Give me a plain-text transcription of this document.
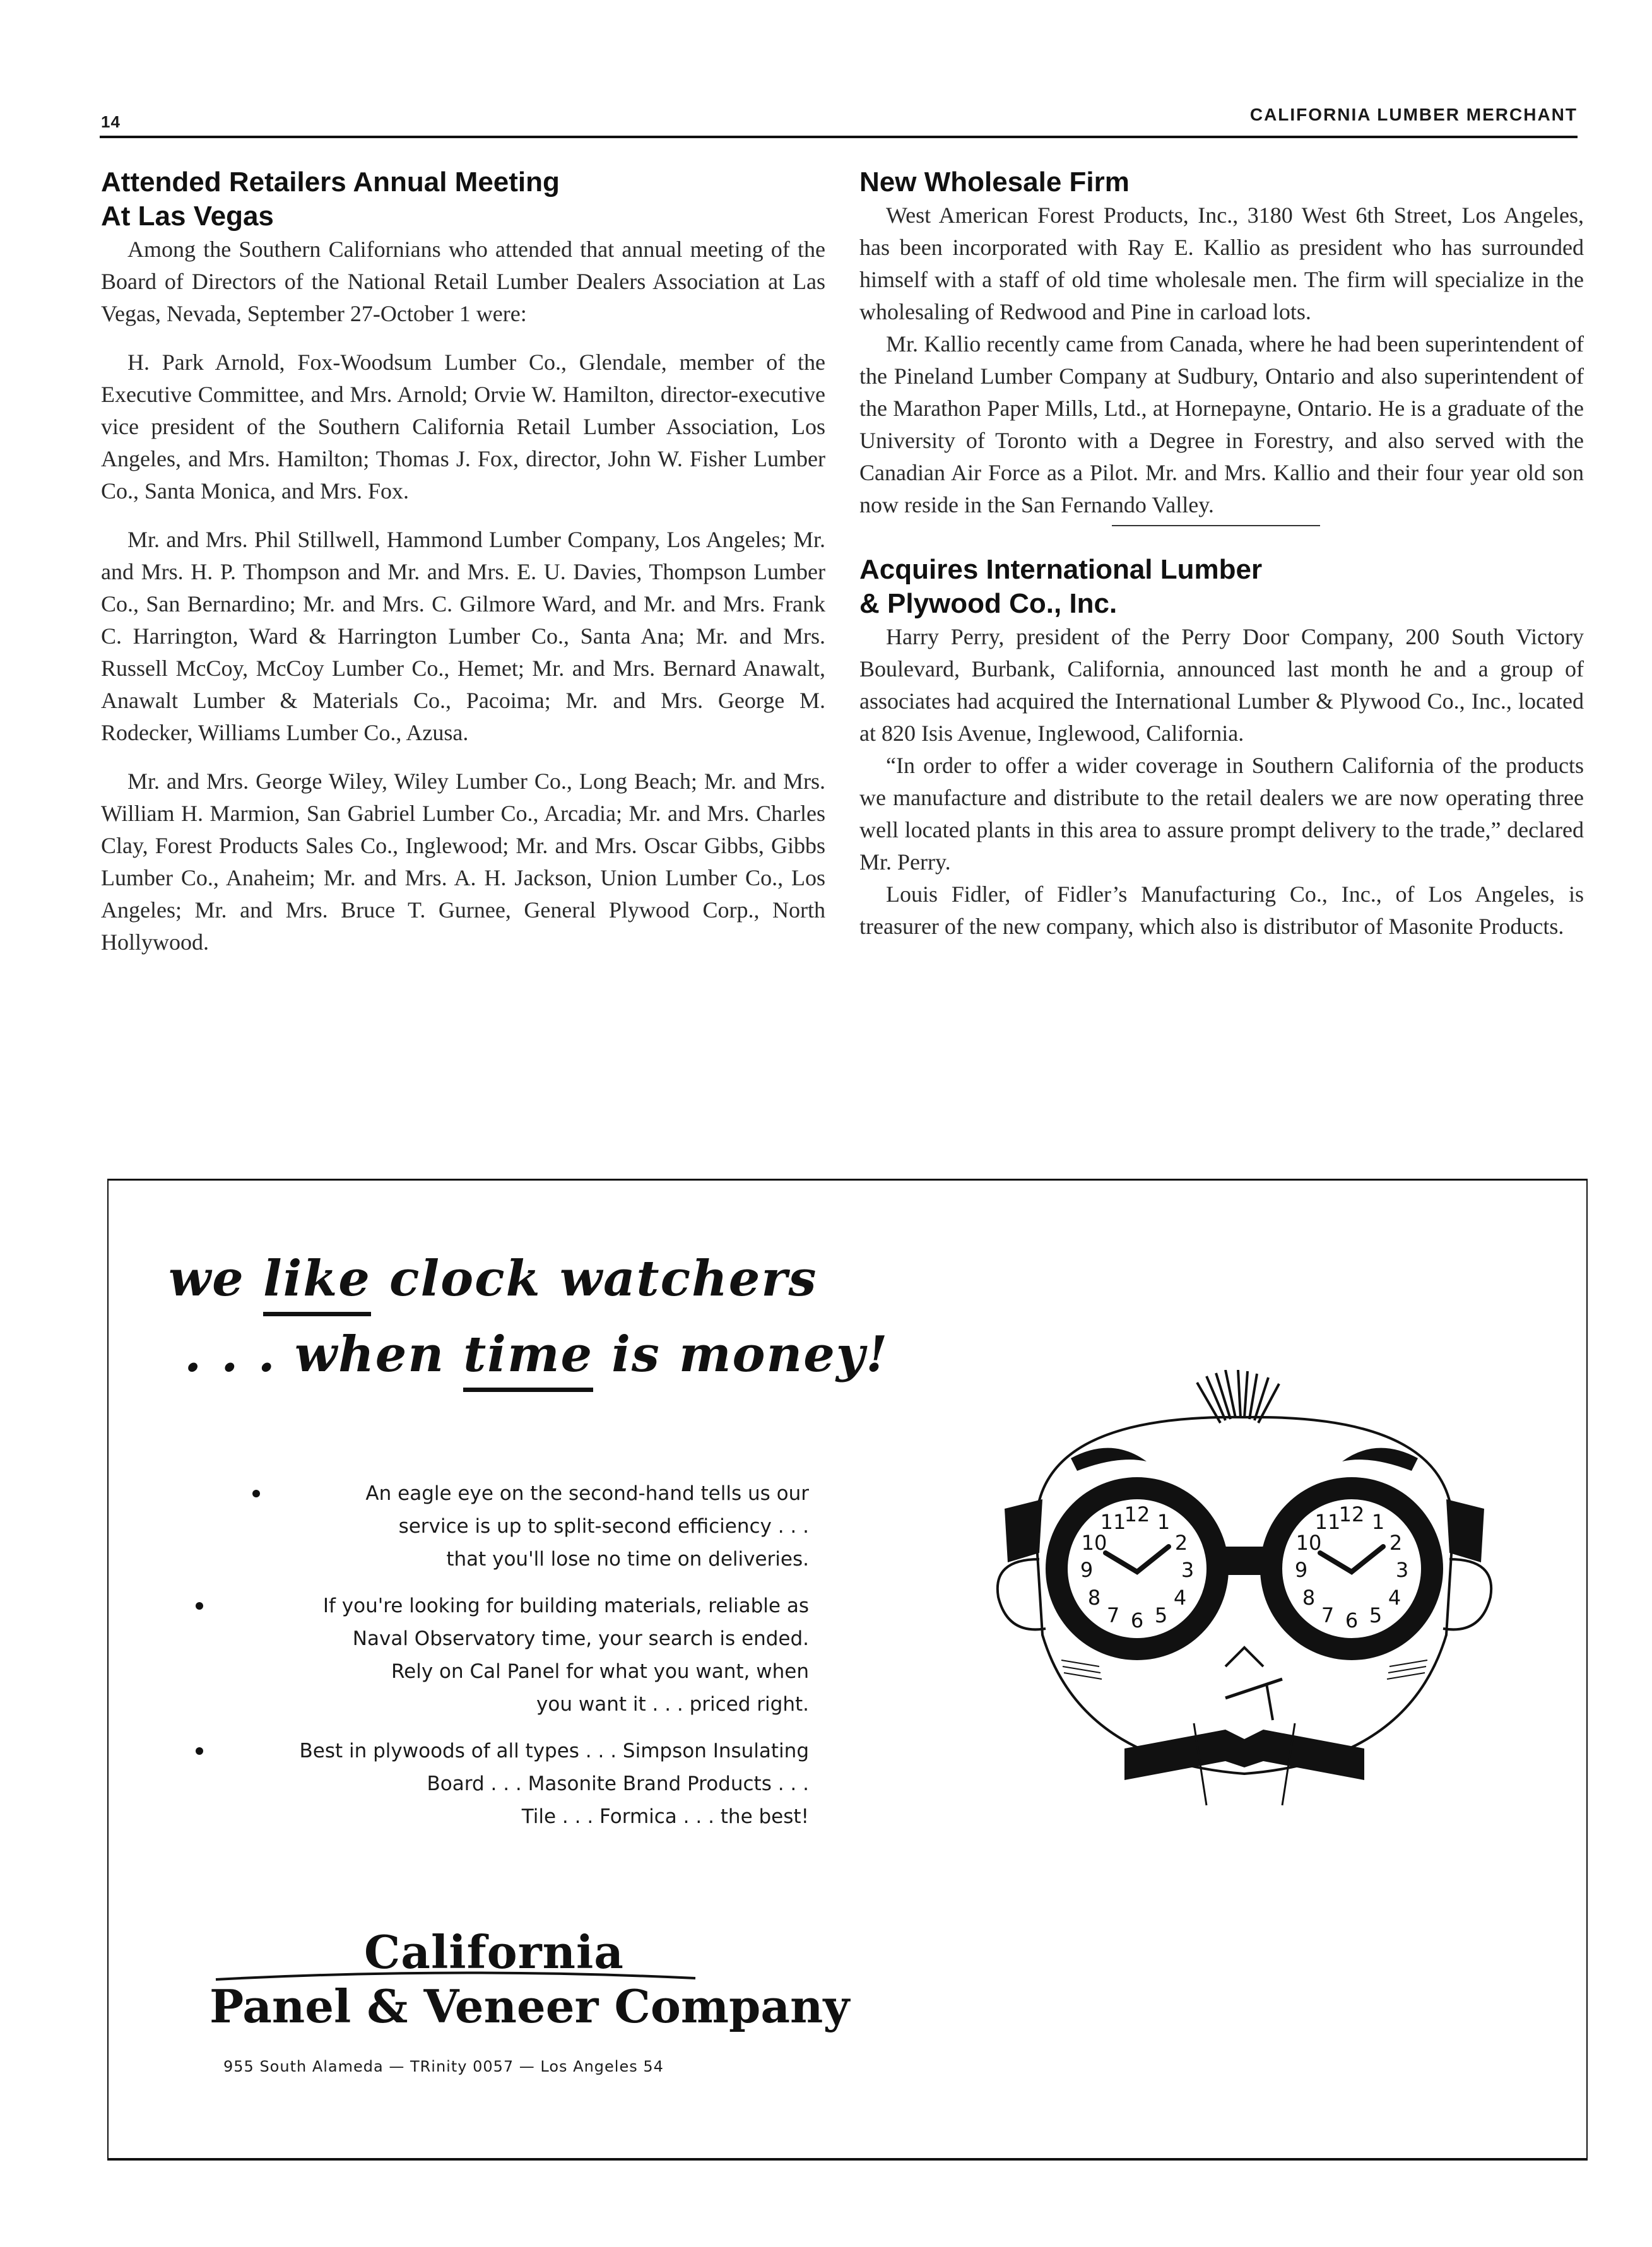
14	CALIFORNIA LUMBER MERCHANT
Attended Retailers Annual Meeting
At Las Vegas

Among the Southern Californians who attended that annual meeting of the Board of Directors of the National Retail Lumber Dealers Association at Las Vegas, Nevada, September 27-October 1 were:

H. Park Arnold, Fox-Woodsum Lumber Co., Glendale, member of the Executive Committee, and Mrs. Arnold; Orvie W. Hamilton, director-executive vice president of the Southern California Retail Lumber Association, Los Angeles, and Mrs. Hamilton; Thomas J. Fox, director, John W. Fisher Lumber Co., Santa Monica, and Mrs. Fox.

Mr. and Mrs. Phil Stillwell, Hammond Lumber Company, Los Angeles; Mr. and Mrs. H. P. Thompson and Mr. and Mrs. E. U. Davies, Thompson Lumber Co., San Bernardino; Mr. and Mrs. C. Gilmore Ward, and Mr. and Mrs. Frank C. Harrington, Ward & Harrington Lumber Co., Santa Ana; Mr. and Mrs. Russell McCoy, McCoy Lumber Co., Hemet; Mr. and Mrs. Bernard Anawalt, Anawalt Lumber & Materials Co., Pacoima; Mr. and Mrs. George M. Rodecker, Williams Lumber Co., Azusa.

Mr. and Mrs. George Wiley, Wiley Lumber Co., Long Beach; Mr. and Mrs. William H. Marmion, San Gabriel Lumber Co., Arcadia; Mr. and Mrs. Charles Clay, Forest Products Sales Co., Inglewood; Mr. and Mrs. Oscar Gibbs, Gibbs Lumber Co., Anaheim; Mr. and Mrs. A. H. Jackson, Union Lumber Co., Los Angeles; Mr. and Mrs. Bruce T. Gurnee, General Plywood Corp., North Hollywood.

New Wholesale Firm

West American Forest Products, Inc., 3180 West 6th Street, Los Angeles, has been incorporated with Ray E. Kallio as president who has surrounded himself with a staff of old time wholesale men. The firm will specialize in the wholesaling of Redwood and Pine in carload lots.

Mr. Kallio recently came from Canada, where he had been superintendent of the Pineland Lumber Company at Sudbury, Ontario and also superintendent of the Marathon Paper Mills, Ltd., at Hornepayne, Ontario. He is a graduate of the University of Toronto with a Degree in Forestry, and also served with the Canadian Air Force as a Pilot. Mr. and Mrs. Kallio and their four year old son now reside in the San Fernando Valley.

Acquires International Lumber
& Plywood Co., Inc.

Harry Perry, president of the Perry Door Company, 200 South Victory Boulevard, Burbank, California, announced last month he and a group of associates had acquired the International Lumber & Plywood Co., Inc., located at 820 Isis Avenue, Inglewood, California.

“In order to offer a wider coverage in Southern California of the products we manufacture and distribute to the retail dealers we are now operating three well located plants in this area to assure prompt delivery to the trade,” declared Mr. Perry.

Louis Fidler, of Fidler’s Manufacturing Co., Inc., of Los Angeles, is treasurer of the new company, which also is distributor of Masonite Products.

we like clock watchers
. . . when time is money!
An eagle eye on the second-hand tells us our
service is up to split-second efficiency . . .
that you'll lose no time on deliveries.
If you're looking for building materials, reliable as
Naval Observatory time, your search is ended.
Rely on Cal Panel for what you want, when
you want it . . . priced right.
Best in plywoods of all types . . . Simpson Insulating
Board . . . Masonite Brand Products . . .
Tile . . . Formica . . . the best!
California
Panel & Veneer Company
955 South Alameda — TRinity 0057 — Los Angeles 54
12 1
2
3
4
5
6
7
8
9
10
11	12 1
2
3
4
5
6
7
8
9
10
11
